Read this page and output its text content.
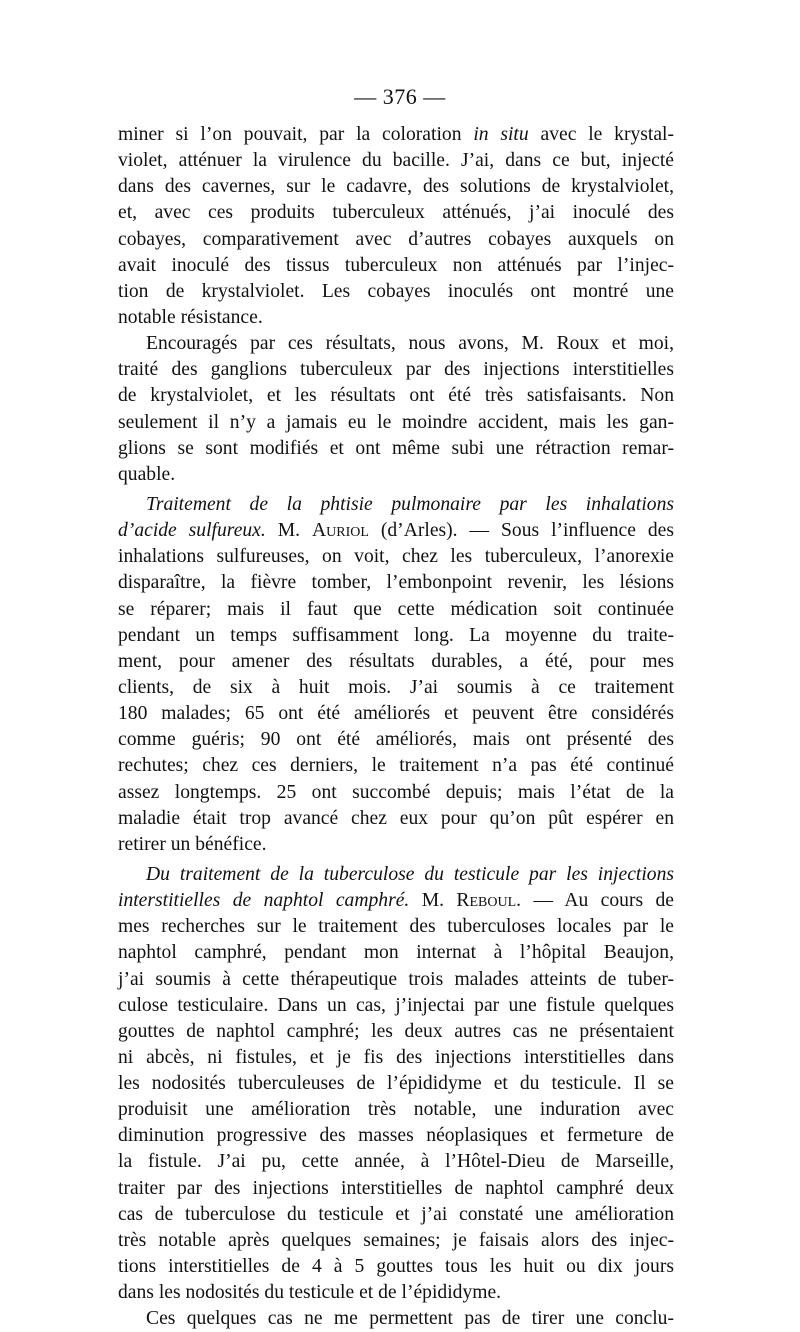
— 376 —
miner si l’on pouvait, par la coloration in situ avec le krystal-
violet, atténuer la virulence du bacille. J’ai, dans ce but, injecté
dans des cavernes, sur le cadavre, des solutions de krystalviolet,
et, avec ces produits tuberculeux atténués, j’ai inoculé des
cobayes, comparativement avec d’autres cobayes auxquels on
avait inoculé des tissus tuberculeux non atténués par l’injec-
tion de krystalviolet. Les cobayes inoculés ont montré une
notable résistance.
Encouragés par ces résultats, nous avons, M. Roux et moi,
traité des ganglions tuberculeux par des injections interstitielles
de krystalviolet, et les résultats ont été très satisfaisants. Non
seulement il n’y a jamais eu le moindre accident, mais les gan-
glions se sont modifiés et ont même subi une rétraction remar-
quable.
Traitement de la phtisie pulmonaire par les inhalations
d’acide sulfureux. M. Auriol (d’Arles). — Sous l’influence des
inhalations sulfureuses, on voit, chez les tuberculeux, l’anorexie
disparaître, la fièvre tomber, l’embonpoint revenir, les lésions
se réparer; mais il faut que cette médication soit continuée
pendant un temps suffisamment long. La moyenne du traite-
ment, pour amener des résultats durables, a été, pour mes
clients, de six à huit mois. J’ai soumis à ce traitement
180 malades; 65 ont été améliorés et peuvent être considérés
comme guéris; 90 ont été améliorés, mais ont présenté des
rechutes; chez ces derniers, le traitement n’a pas été continué
assez longtemps. 25 ont succombé depuis; mais l’état de la
maladie était trop avancé chez eux pour qu’on pût espérer en
retirer un bénéfice.
Du traitement de la tuberculose du testicule par les injections
interstitielles de naphtol camphré. M. Reboul. — Au cours de
mes recherches sur le traitement des tuberculoses locales par le
naphtol camphré, pendant mon internat à l’hôpital Beaujon,
j’ai soumis à cette thérapeutique trois malades atteints de tuber-
culose testiculaire. Dans un cas, j’injectai par une fistule quelques
gouttes de naphtol camphré; les deux autres cas ne présentaient
ni abcès, ni fistules, et je fis des injections interstitielles dans
les nodosités tuberculeuses de l’épididyme et du testicule. Il se
produisit une amélioration très notable, une induration avec
diminution progressive des masses néoplasiques et fermeture de
la fistule. J’ai pu, cette année, à l’Hôtel-Dieu de Marseille,
traiter par des injections interstitielles de naphtol camphré deux
cas de tuberculose du testicule et j’ai constaté une amélioration
très notable après quelques semaines; je faisais alors des injec-
tions interstitielles de 4 à 5 gouttes tous les huit ou dix jours
dans les nodosités du testicule et de l’épididyme.
Ces quelques cas ne me permettent pas de tirer une conclu-
